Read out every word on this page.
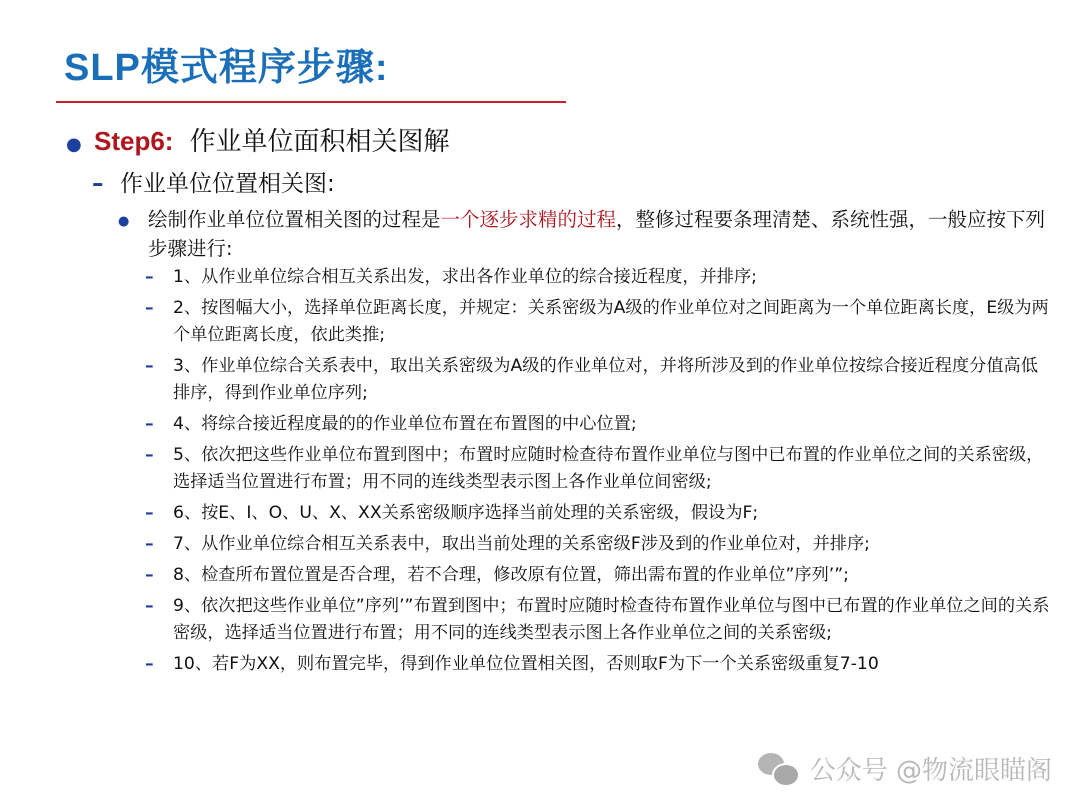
SLP模式程序步骤:
● Step6: 作业单位面积相关图解
– 作业单位位置相关图:
● 绘制作业单位位置相关图的过程是一个逐步求精的过程，整修过程要条理清楚、系统性强，一般应按下列步骤进行:
–	1、从作业单位综合相互关系出发，求出各作业单位的综合接近程度，并排序;
–	2、按图幅大小，选择单位距离长度，并规定：关系密级为A级的作业单位对之间距离为一个单位距离长度，E级为两个单位距离长度，依此类推;
–	3、作业单位综合关系表中，取出关系密级为A级的作业单位对，并将所涉及到的作业单位按综合接近程度分值高低排序，得到作业单位序列;
–	4、将综合接近程度最的的作业单位布置在布置图的中心位置;
–	5、依次把这些作业单位布置到图中；布置时应随时检查待布置作业单位与图中已布置的作业单位之间的关系密级，选择适当位置进行布置；用不同的连线类型表示图上各作业单位间密级;
–	6、按E、I、O、U、X、XX关系密级顺序选择当前处理的关系密级，假设为F;
–	7、从作业单位综合相互关系表中，取出当前处理的关系密级F涉及到的作业单位对，并排序;
–	8、检查所布置位置是否合理，若不合理，修改原有位置，筛出需布置的作业单位”序列’”;
–	9、依次把这些作业单位”序列’”布置到图中；布置时应随时检查待布置作业单位与图中已布置的作业单位之间的关系密级，选择适当位置进行布置；用不同的连线类型表示图上各作业单位之间的关系密级;
–	10、若F为XX，则布置完毕，得到作业单位位置相关图，否则取F为下一个关系密级重复7-10
公众号 @物流眼瞄阁
